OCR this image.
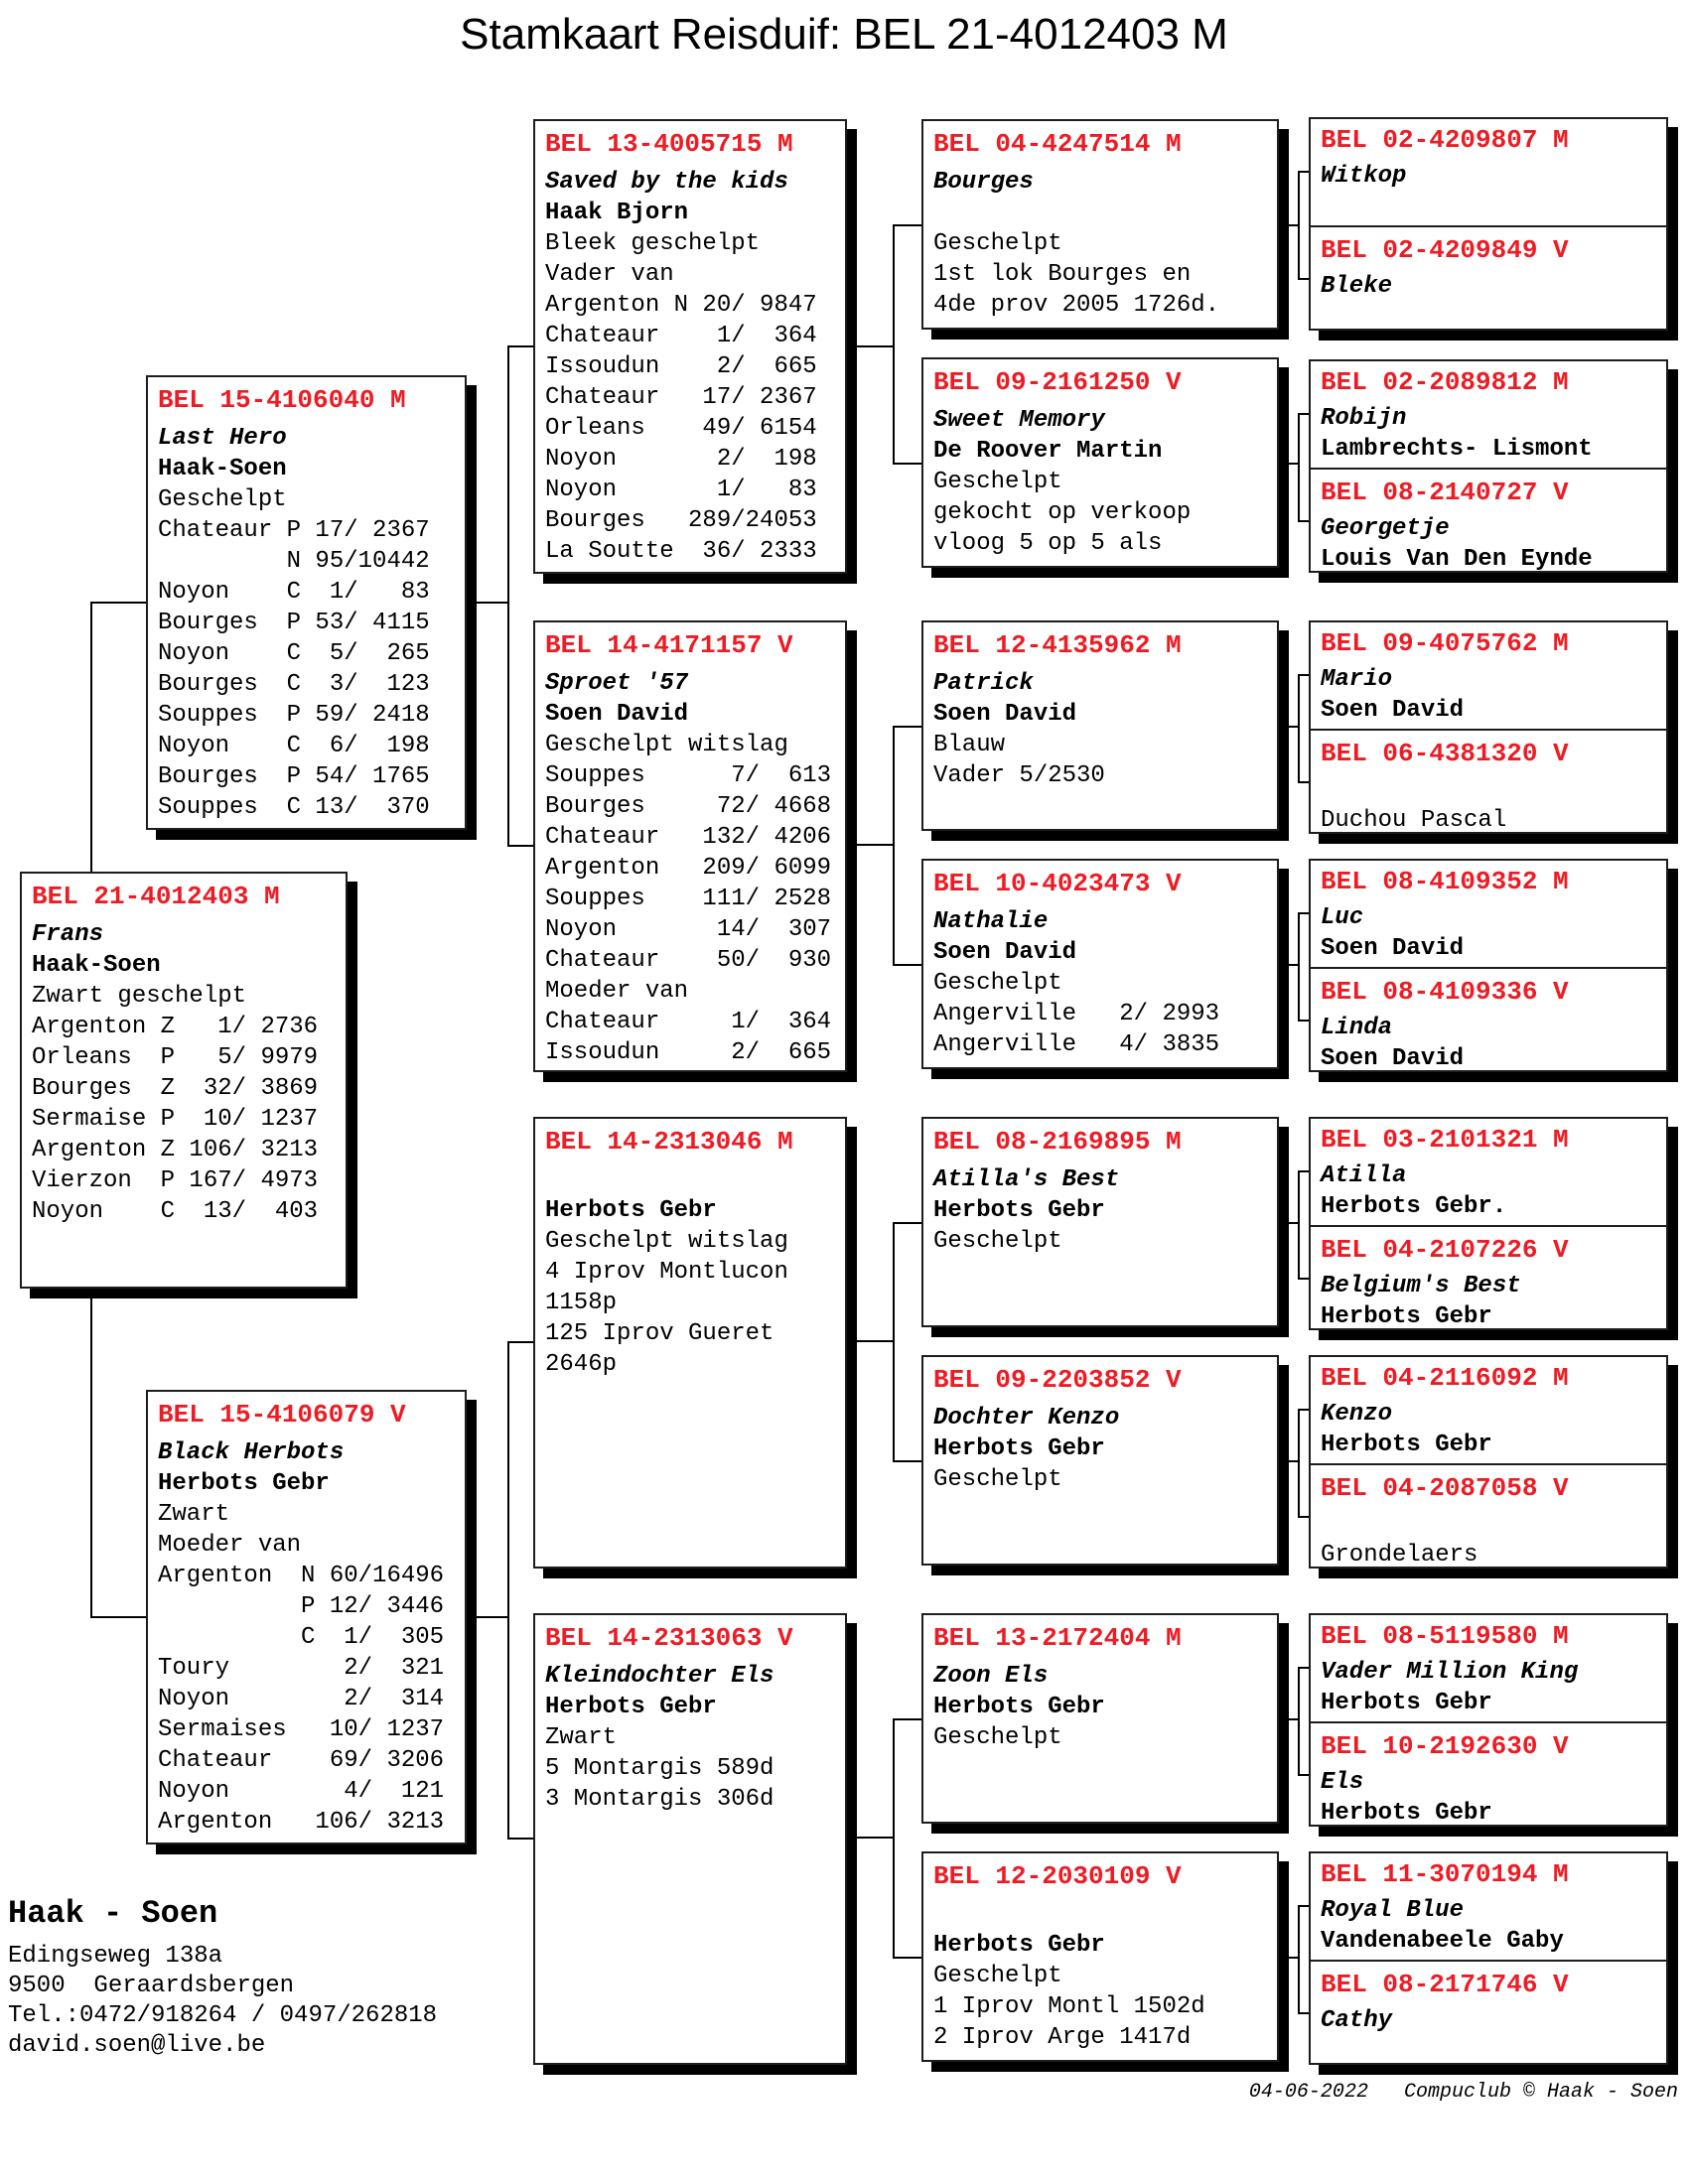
Stamkaart Reisduif: BEL 21-4012403 M
BEL 21-4012403 M
Frans
Haak-Soen
Zwart geschelpt
Argenton Z   1/ 2736
Orleans  P   5/ 9979
Bourges  Z  32/ 3869
Sermaise P  10/ 1237
Argenton Z 106/ 3213
Vierzon  P 167/ 4973
Noyon    C  13/  403
BEL 15-4106040 M
Last Hero
Haak-Soen
Geschelpt
Chateaur P 17/ 2367
N 95/10442
Noyon    C  1/   83
Bourges  P 53/ 4115
Noyon    C  5/  265
Bourges  C  3/  123
Souppes  P 59/ 2418
Noyon    C  6/  198
Bourges  P 54/ 1765
Souppes  C 13/  370
BEL 15-4106079 V
Black Herbots
Herbots Gebr
Zwart
Moeder van
Argenton  N 60/16496
P 12/ 3446
C  1/  305
Toury        2/  321
Noyon        2/  314
Sermaises   10/ 1237
Chateaur    69/ 3206
Noyon        4/  121
Argenton   106/ 3213
BEL 13-4005715 M
Saved by the kids
Haak Bjorn
Bleek geschelpt
Vader van
Argenton N 20/ 9847
Chateaur    1/  364
Issoudun    2/  665
Chateaur   17/ 2367
Orleans    49/ 6154
Noyon       2/  198
Noyon       1/   83
Bourges   289/24053
La Soutte  36/ 2333
BEL 14-4171157 V
Sproet '57
Soen David
Geschelpt witslag
Souppes      7/  613
Bourges     72/ 4668
Chateaur   132/ 4206
Argenton   209/ 6099
Souppes    111/ 2528
Noyon       14/  307
Chateaur    50/  930
Moeder van
Chateaur     1/  364
Issoudun     2/  665
BEL 14-2313046 M
Herbots Gebr
Geschelpt witslag
4 Iprov Montlucon
1158p
125 Iprov Gueret
2646p
BEL 14-2313063 V
Kleindochter Els
Herbots Gebr
Zwart
5 Montargis 589d
3 Montargis 306d
BEL 04-4247514 M
Bourges
Geschelpt
1st lok Bourges en
4de prov 2005 1726d.
BEL 09-2161250 V
Sweet Memory
De Roover Martin
Geschelpt
gekocht op verkoop
vloog 5 op 5 als
BEL 12-4135962 M
Patrick
Soen David
Blauw
Vader 5/2530
BEL 10-4023473 V
Nathalie
Soen David
Geschelpt
Angerville   2/ 2993
Angerville   4/ 3835
BEL 08-2169895 M
Atilla's Best
Herbots Gebr
Geschelpt
BEL 09-2203852 V
Dochter Kenzo
Herbots Gebr
Geschelpt
BEL 13-2172404 M
Zoon Els
Herbots Gebr
Geschelpt
BEL 12-2030109 V
Herbots Gebr
Geschelpt
1 Iprov Montl 1502d
2 Iprov Arge 1417d
BEL 02-4209807 M
Witkop
BEL 02-4209849 V
Bleke
BEL 02-2089812 M
Robijn
Lambrechts- Lismont
BEL 08-2140727 V
Georgetje
Louis Van Den Eynde
BEL 09-4075762 M
Mario
Soen David
BEL 06-4381320 V
Duchou Pascal
BEL 08-4109352 M
Luc
Soen David
BEL 08-4109336 V
Linda
Soen David
BEL 03-2101321 M
Atilla
Herbots Gebr.
BEL 04-2107226 V
Belgium's Best
Herbots Gebr
BEL 04-2116092 M
Kenzo
Herbots Gebr
BEL 04-2087058 V
Grondelaers
BEL 08-5119580 M
Vader Million King
Herbots Gebr
BEL 10-2192630 V
Els
Herbots Gebr
BEL 11-3070194 M
Royal Blue
Vandenabeele Gaby
BEL 08-2171746 V
Cathy
Haak - Soen
Edingseweg 138a
9500  Geraardsbergen
Tel.:0472/918264 / 0497/262818
david.soen@live.be
04-06-2022   Compuclub © Haak - Soen
